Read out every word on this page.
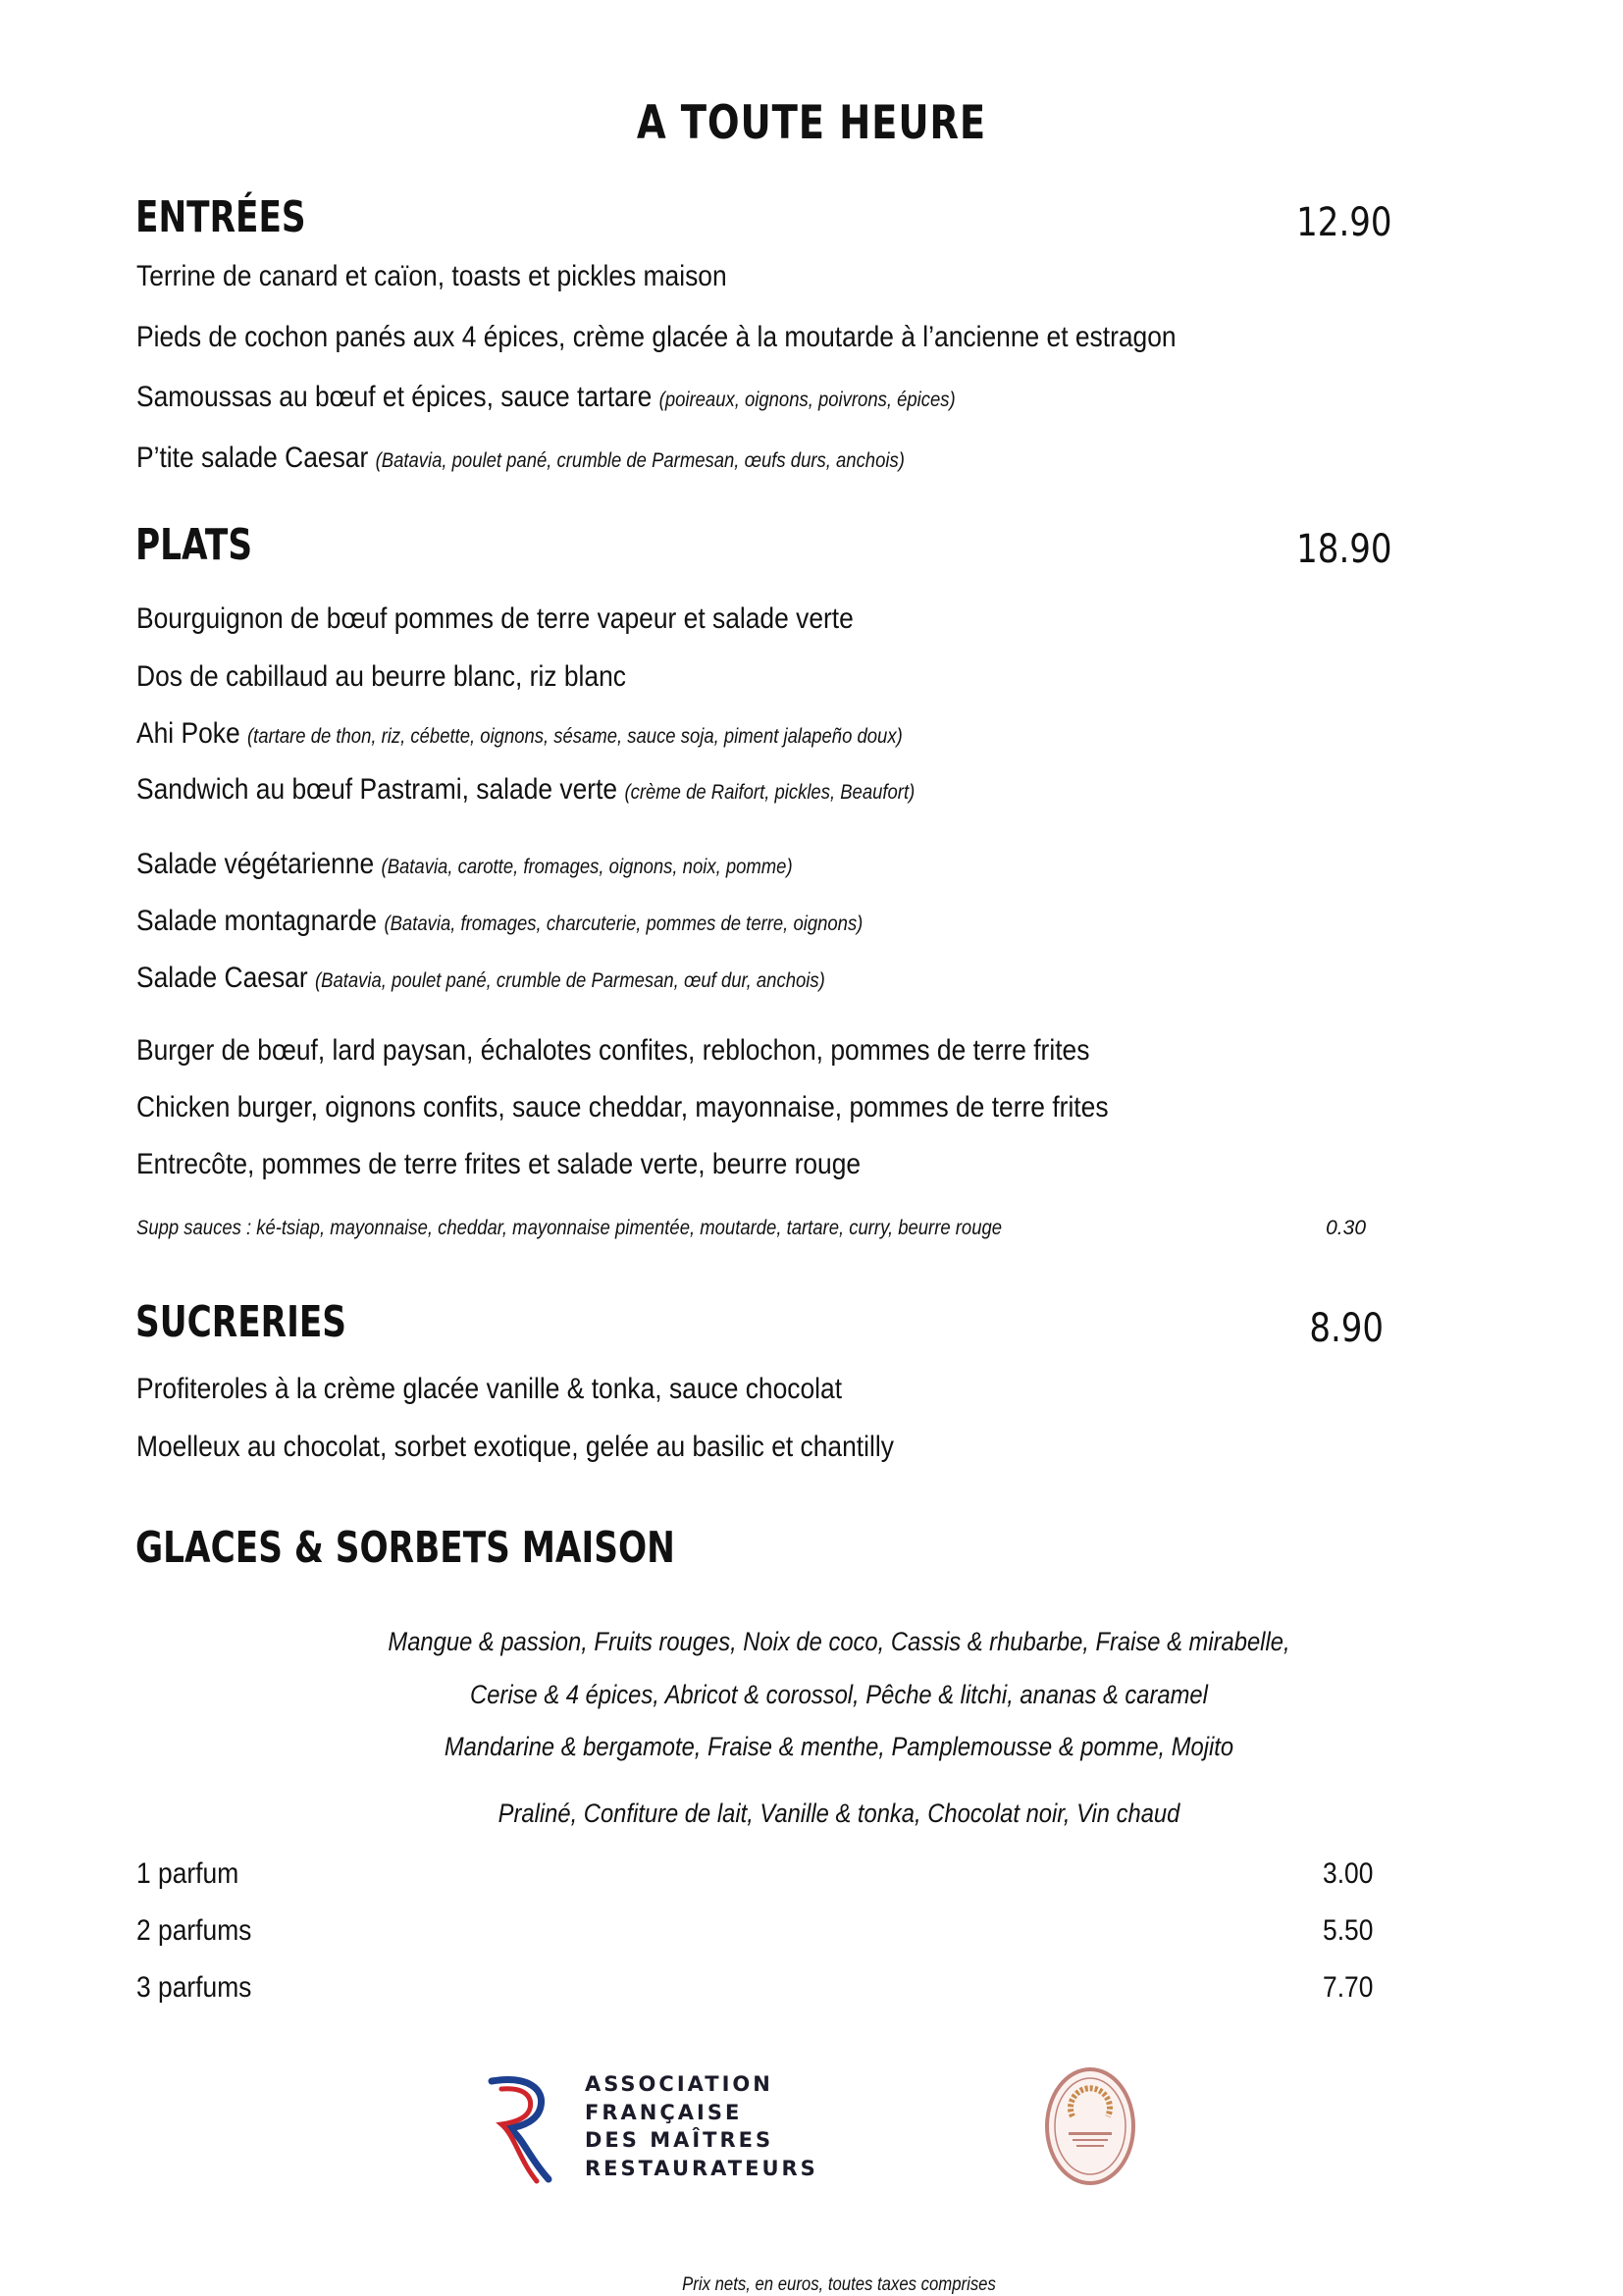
A TOUTE HEURE
ENTRÉES	12.90
Terrine de canard et caïon, toasts et pickles maison
Pieds de cochon panés aux 4 épices, crème glacée à la moutarde à l’ancienne et estragon
Samoussas au bœuf et épices, sauce tartare (poireaux, oignons, poivrons, épices)
P’tite salade Caesar (Batavia, poulet pané, crumble de Parmesan, œufs durs, anchois)
PLATS	18.90
Bourguignon de bœuf pommes de terre vapeur et salade verte
Dos de cabillaud au beurre blanc, riz blanc
Ahi Poke (tartare de thon, riz, cébette, oignons, sésame, sauce soja, piment jalapeño doux)
Sandwich au bœuf Pastrami, salade verte (crème de Raifort, pickles, Beaufort)
Salade végétarienne (Batavia, carotte, fromages, oignons, noix, pomme)
Salade montagnarde (Batavia, fromages, charcuterie, pommes de terre, oignons)
Salade Caesar (Batavia, poulet pané, crumble de Parmesan, œuf dur, anchois)
Burger de bœuf, lard paysan, échalotes confites, reblochon, pommes de terre frites
Chicken burger, oignons confits, sauce cheddar, mayonnaise, pommes de terre frites
Entrecôte, pommes de terre frites et salade verte, beurre rouge
Supp sauces : ké-tsiap, mayonnaise, cheddar, mayonnaise pimentée, moutarde, tartare, curry, beurre rouge	0.30
SUCRERIES	8.90
Profiteroles à la crème glacée vanille & tonka, sauce chocolat
Moelleux au chocolat, sorbet exotique, gelée au basilic et chantilly
GLACES & SORBETS MAISON
Mangue & passion, Fruits rouges, Noix de coco, Cassis & rhubarbe, Fraise & mirabelle,
Cerise & 4 épices, Abricot & corossol, Pêche & litchi, ananas & caramel
Mandarine & bergamote, Fraise & menthe, Pamplemousse & pomme, Mojito
Praliné, Confiture de lait, Vanille & tonka, Chocolat noir, Vin chaud
1 parfum	3.00
2 parfums	5.50
3 parfums	7.70
ASSOCIATION
FRANÇAISE
DES MAÎTRES
RESTAURATEURS
Prix nets, en euros, toutes taxes comprises
